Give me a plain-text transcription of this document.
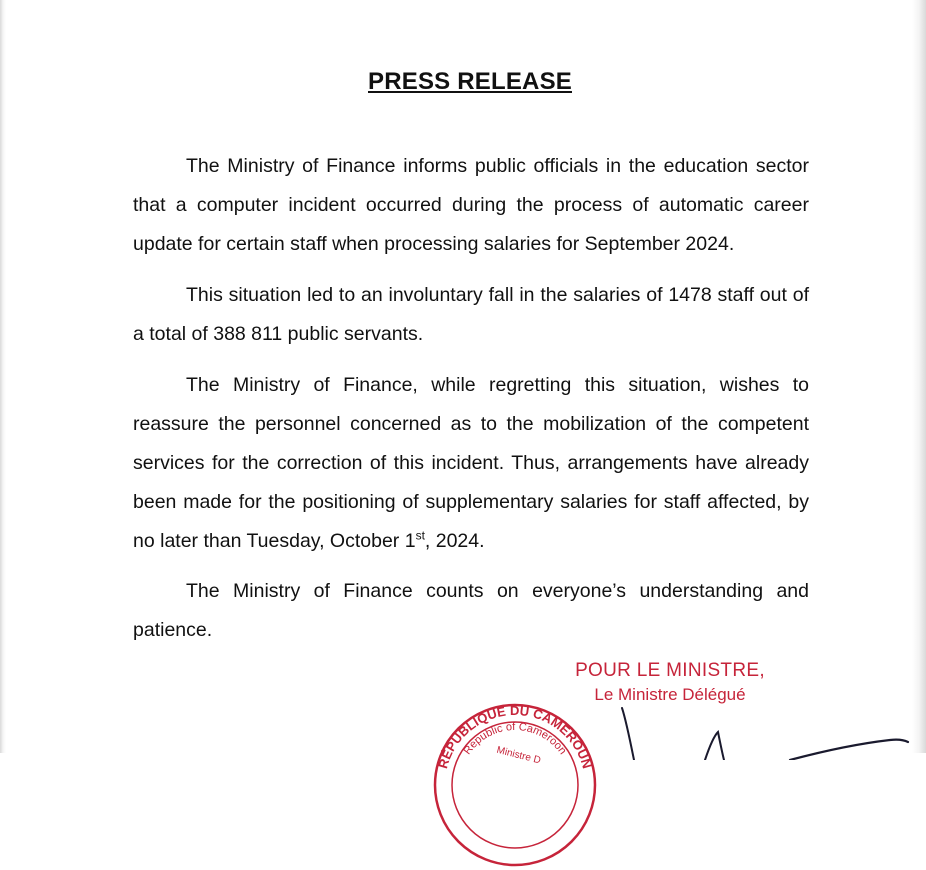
PRESS RELEASE

The Ministry of Finance informs public officials in the education sector that a computer incident occurred during the process of automatic career update for certain staff when processing salaries for September 2024.

This situation led to an involuntary fall in the salaries of 1478 staff out of a total of 388 811 public servants.

The Ministry of Finance, while regretting this situation, wishes to reassure the personnel concerned as to the mobilization of the competent services for the correction of this incident. Thus, arrangements have already been made for the positioning of supplementary salaries for staff affected, by no later than Tuesday, October 1st, 2024.

The Ministry of Finance counts on everyone’s understanding and patience.

POUR LE MINISTRE,
Le Ministre Délégué
RÉPUBLIQUE DU CAMEROUN
Republic of Cameroon
Ministre D
